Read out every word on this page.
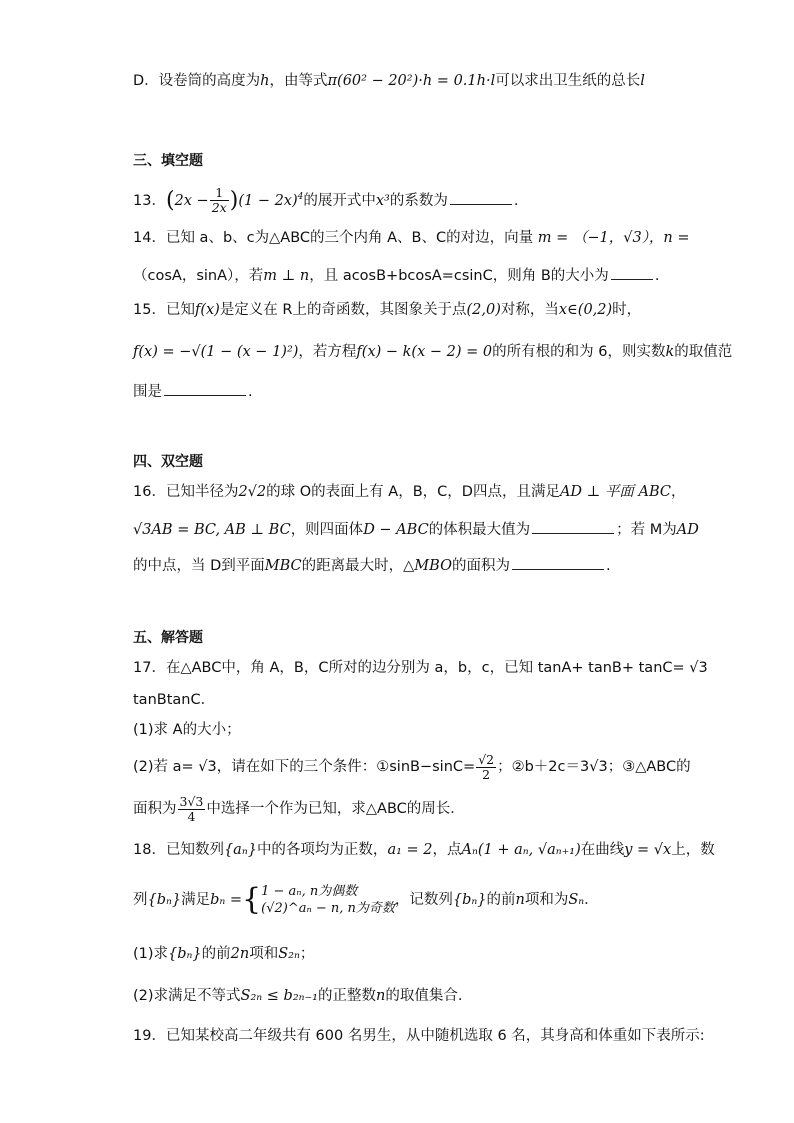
D．设卷筒的高度为h，由等式π(60² − 20²)·h = 0.1h·l可以求出卫生纸的总长l
三、填空题
13．$(2x - \frac{1}{2x} )(1 - 2x)^4$的展开式中x³的系数为	.
14．已知 a、b、c为△ABC的三个内角 A、B、C的对边，向量 m = （−1，√3），n =
（cosA，sinA），若m ⊥ n，且 acosB+bcosA=csinC，则角 B的大小为	.
15．已知f(x)是定义在 R上的奇函数，其图象关于点(2,0)对称，当x∈(0,2)时，
f(x) = −√(1 − (x − 1)²)，若方程f(x) − k(x − 2) = 0的所有根的和为 6，则实数k的取值范
围是	.
四、双空题
16．已知半径为2√2的球 O的表面上有 A，B，C，D四点，且满足AD ⊥ 平面 ABC，
√3AB = BC, AB ⊥ BC，则四面体D − ABC的体积最大值为	；若 M为AD
的中点，当 D到平面MBC的距离最大时，△MBO的面积为	.
五、解答题
17．在△ABC中，角 A，B，C所对的边分别为 a，b，c，已知 tanA+ tanB+ tanC= √3
tanBtanC．
(1)求 A的大小；
(2)若 a= √3，请在如下的三个条件：①sinB−sinC= $\frac{√2}{2}$ ；②b＋2c＝3√3；③△ABC的
面积为 $\frac{3√3}{4}$ 中选择一个作为已知，求△ABC的周长．
18．已知数列{aₙ}中的各项均为正数，a₁ = 2，点Aₙ(1 + aₙ, √aₙ₊₁)在曲线y = √x上，数
列{bₙ}满足bₙ ={ 1 − aₙ, n为偶数
(√2)^aₙ − n, n为奇数
，记数列{bₙ}的前n项和为Sₙ．
(1)求{bₙ}的前2n项和S₂ₙ；
(2)求满足不等式S₂ₙ ≤ b₂ₙ₋₁的正整数n的取值集合.
19．已知某校高二年级共有 600 名男生，从中随机选取 6 名，其身高和体重如下表所示:
